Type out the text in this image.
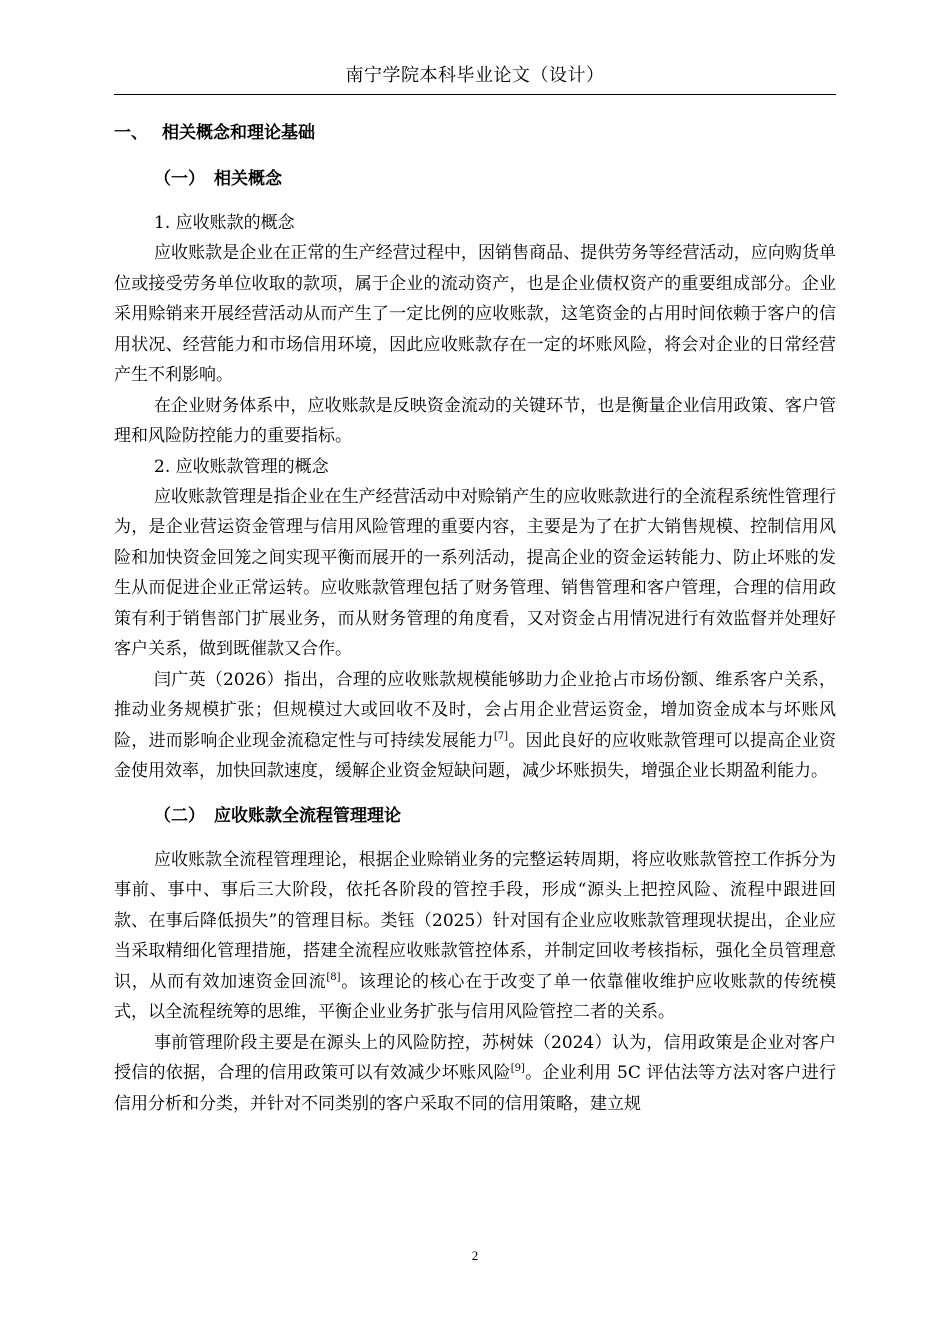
南宁学院本科毕业论文（设计）
一、 相关概念和理论基础
（一） 相关概念
1. 应收账款的概念

应收账款是企业在正常的生产经营过程中，因销售商品、提供劳务等经营活动，应向购货单位或接受劳务单位收取的款项，属于企业的流动资产，也是企业债权资产的重要组成部分。企业采用赊销来开展经营活动从而产生了一定比例的应收账款，这笔资金的占用时间依赖于客户的信用状况、经营能力和市场信用环境，因此应收账款存在一定的坏账风险，将会对企业的日常经营产生不利影响。

在企业财务体系中，应收账款是反映资金流动的关键环节，也是衡量企业信用政策、客户管理和风险防控能力的重要指标。

2. 应收账款管理的概念

应收账款管理是指企业在生产经营活动中对赊销产生的应收账款进行的全流程系统性管理行为，是企业营运资金管理与信用风险管理的重要内容，主要是为了在扩大销售规模、控制信用风险和加快资金回笼之间实现平衡而展开的一系列活动，提高企业的资金运转能力、防止坏账的发生从而促进企业正常运转。应收账款管理包括了财务管理、销售管理和客户管理，合理的信用政策有利于销售部门扩展业务，而从财务管理的角度看，又对资金占用情况进行有效监督并处理好客户关系，做到既催款又合作。

闫广英（2026）指出，合理的应收账款规模能够助力企业抢占市场份额、维系客户关系，推动业务规模扩张；但规模过大或回收不及时，会占用企业营运资金，增加资金成本与坏账风险，进而影响企业现金流稳定性与可持续发展能力[7]。因此良好的应收账款管理可以提高企业资金使用效率，加快回款速度，缓解企业资金短缺问题，减少坏账损失，增强企业长期盈利能力。

（二） 应收账款全流程管理理论

应收账款全流程管理理论，根据企业赊销业务的完整运转周期，将应收账款管控工作拆分为事前、事中、事后三大阶段，依托各阶段的管控手段，形成“源头上把控风险、流程中跟进回款、在事后降低损失”的管理目标。类钰（2025）针对国有企业应收账款管理现状提出，企业应当采取精细化管理措施，搭建全流程应收账款管控体系，并制定回收考核指标，强化全员管理意识，从而有效加速资金回流[8]。该理论的核心在于改变了单一依靠催收维护应收账款的传统模式，以全流程统筹的思维，平衡企业业务扩张与信用风险管控二者的关系。

事前管理阶段主要是在源头上的风险防控，苏树妹（2024）认为，信用政策是企业对客户授信的依据，合理的信用政策可以有效减少坏账风险[9]。企业利用 5C 评估法等方法对客户进行信用分析和分类，并针对不同类别的客户采取不同的信用策略，建立规

2
